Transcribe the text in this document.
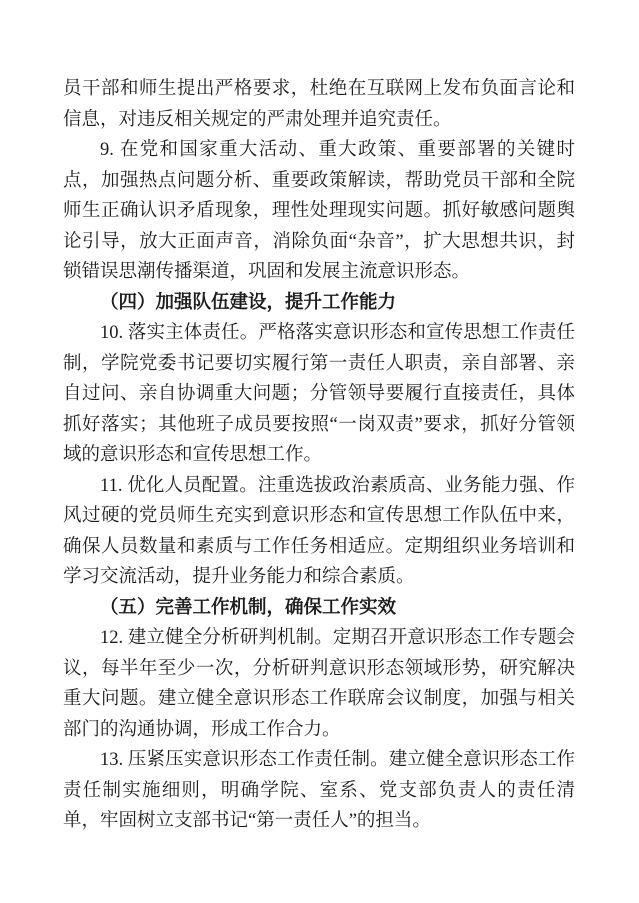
员干部和师生提出严格要求，杜绝在互联网上发布负面言论和信息，对违反相关规定的严肃处理并追究责任。

9. 在党和国家重大活动、重大政策、重要部署的关键时点，加强热点问题分析、重要政策解读，帮助党员干部和全院师生正确认识矛盾现象，理性处理现实问题。抓好敏感问题舆论引导，放大正面声音，消除负面“杂音”，扩大思想共识，封锁错误思潮传播渠道，巩固和发展主流意识形态。

（四）加强队伍建设，提升工作能力

10. 落实主体责任。严格落实意识形态和宣传思想工作责任制，学院党委书记要切实履行第一责任人职责，亲自部署、亲自过问、亲自协调重大问题；分管领导要履行直接责任，具体抓好落实；其他班子成员要按照“一岗双责”要求，抓好分管领域的意识形态和宣传思想工作。

11. 优化人员配置。注重选拔政治素质高、业务能力强、作风过硬的党员师生充实到意识形态和宣传思想工作队伍中来，确保人员数量和素质与工作任务相适应。定期组织业务培训和学习交流活动，提升业务能力和综合素质。

（五）完善工作机制，确保工作实效

12. 建立健全分析研判机制。定期召开意识形态工作专题会议，每半年至少一次，分析研判意识形态领域形势，研究解决重大问题。建立健全意识形态工作联席会议制度，加强与相关部门的沟通协调，形成工作合力。

13. 压紧压实意识形态工作责任制。建立健全意识形态工作责任制实施细则，明确学院、室系、党支部负责人的责任清单，牢固树立支部书记“第一责任人”的担当。
